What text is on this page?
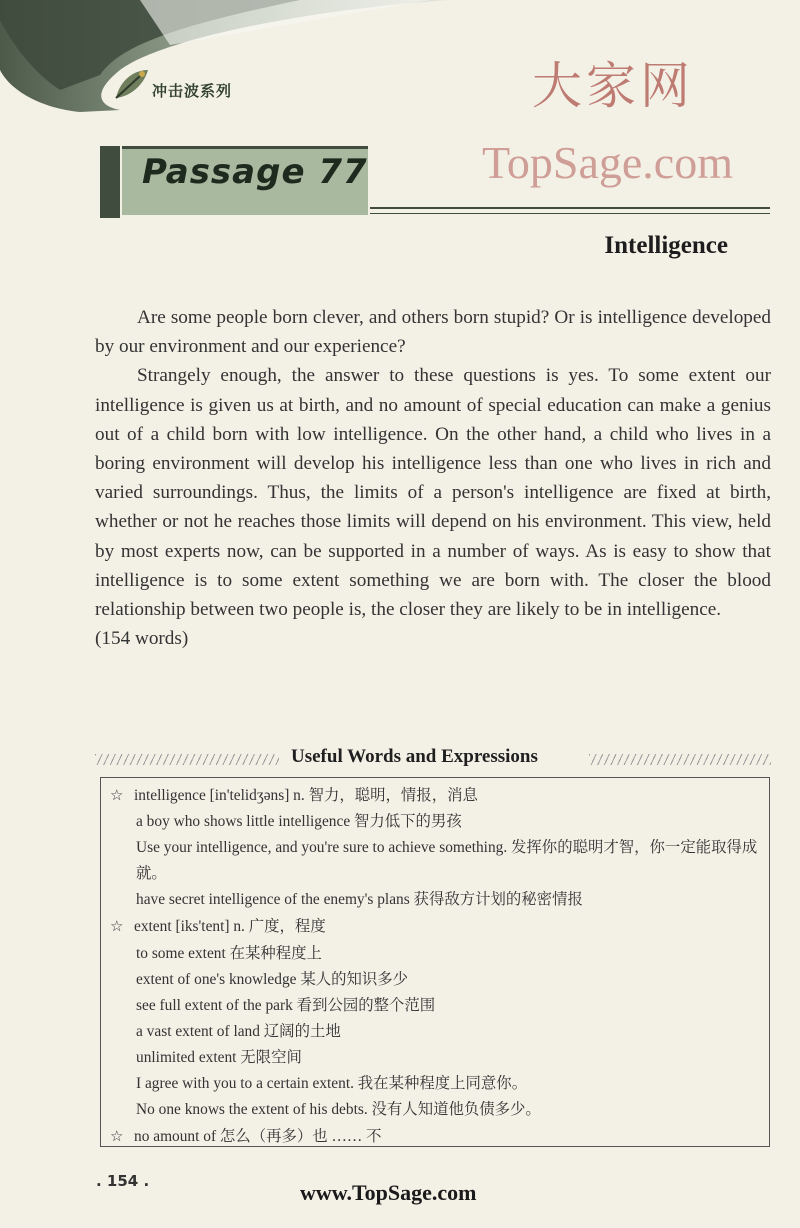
冲击波系列	大家网
TopSage.com
Passage 77
Intelligence

Are some people born clever, and others born stupid? Or is intelligence developed by our environment and our experience?

Strangely enough, the answer to these questions is yes. To some extent our intelligence is given us at birth, and no amount of special education can make a genius out of a child born with low intelligence. On the other hand, a child who lives in a boring environment will develop his intelligence less than one who lives in rich and varied surroundings. Thus, the limits of a person's intelligence are fixed at birth, whether or not he reaches those limits will depend on his environment. This view, held by most experts now, can be supported in a number of ways. As is easy to show that intelligence is to some extent something we are born with. The closer the blood relationship between two people is, the closer they are likely to be in intelligence.

(154 words)
Useful Words and Expressions
☆ intelligence [in'telidʒəns] n. 智力，聪明，情报，消息
a boy who shows little intelligence 智力低下的男孩
Use your intelligence, and you're sure to achieve something. 发挥你的聪明才智，你一定能取得成就。
have secret intelligence of the enemy's plans 获得敌方计划的秘密情报
☆ extent [iks'tent] n. 广度，程度
to some extent 在某种程度上
extent of one's knowledge 某人的知识多少
see full extent of the park 看到公园的整个范围
a vast extent of land 辽阔的土地
unlimited extent 无限空间
I agree with you to a certain extent. 我在某种程度上同意你。
No one knows the extent of his debts. 没有人知道他负债多少。
☆ no amount of 怎么（再多）也 …… 不
. 154 .	www.TopSage.com
